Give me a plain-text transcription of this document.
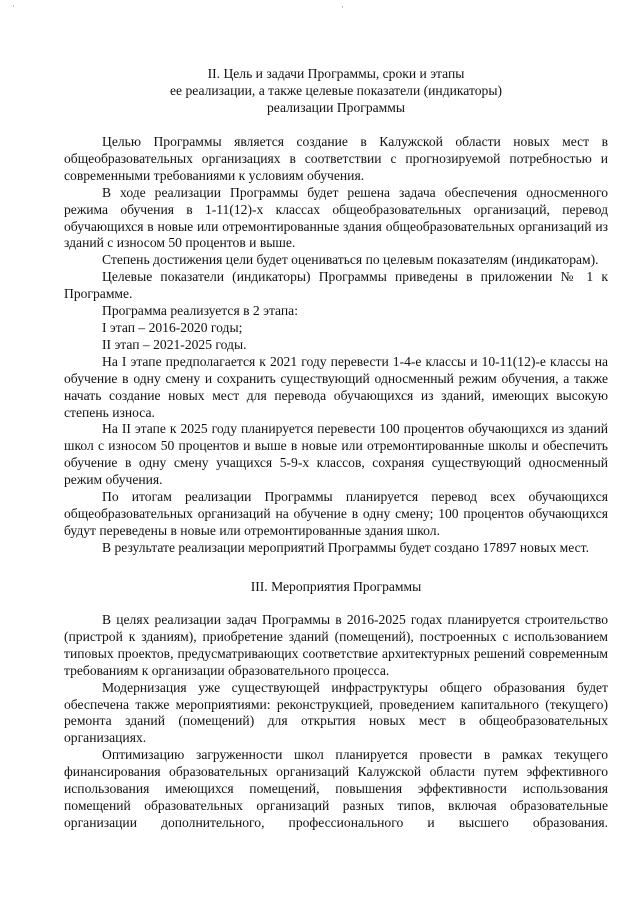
·	·
II. Цель и задачи Программы, сроки и этапы
ее реализации, а также целевые показатели (индикаторы)
реализации Программы

Целью Программы является создание в Калужской области новых мест в общеобразовательных организациях в соответствии с прогнозируемой потребностью и современными требованиями к условиям обучения.

В ходе реализации Программы будет решена задача обеспечения односменного режима обучения в 1-11(12)-х классах общеобразовательных организаций, перевод обучающихся в новые или отремонтированные здания общеобразовательных организаций из зданий с износом 50 процентов и выше.

Степень достижения цели будет оцениваться по целевым показателям (индикаторам).

Целевые показатели (индикаторы) Программы приведены в приложении № 1 к Программе.

Программа реализуется в 2 этапа:

I этап – 2016-2020 годы;

II этап – 2021-2025 годы.

На I этапе предполагается к 2021 году перевести 1-4-е классы и 10-11(12)-е классы на обучение в одну смену и сохранить существующий односменный режим обучения, а также начать создание новых мест для перевода обучающихся из зданий, имеющих высокую степень износа.

На II этапе к 2025 году планируется перевести 100 процентов обучающихся из зданий школ с износом 50 процентов и выше в новые или отремонтированные школы и обеспечить обучение в одну смену учащихся 5-9-х классов, сохраняя существующий односменный режим обучения.

По итогам реализации Программы планируется перевод всех обучающихся общеобразовательных организаций на обучение в одну смену; 100 процентов обучающихся будут переведены в новые или отремонтированные здания школ.

В результате реализации мероприятий Программы будет создано 17897 новых мест.

III. Мероприятия Программы

В целях реализации задач Программы в 2016-2025 годах планируется строительство (пристрой к зданиям), приобретение зданий (помещений), построенных с использованием типовых проектов, предусматривающих соответствие архитектурных решений современным требованиям к организации образовательного процесса.

Модернизация уже существующей инфраструктуры общего образования будет обеспечена также мероприятиями: реконструкцией, проведением капитального (текущего) ремонта зданий (помещений) для открытия новых мест в общеобразовательных организациях.

Оптимизацию загруженности школ планируется провести в рамках текущего финансирования образовательных организаций Калужской области путем эффективного использования имеющихся помещений, повышения эффективности использования помещений образовательных организаций разных типов, включая образовательные организации дополнительного, профессионального и высшего образования.
